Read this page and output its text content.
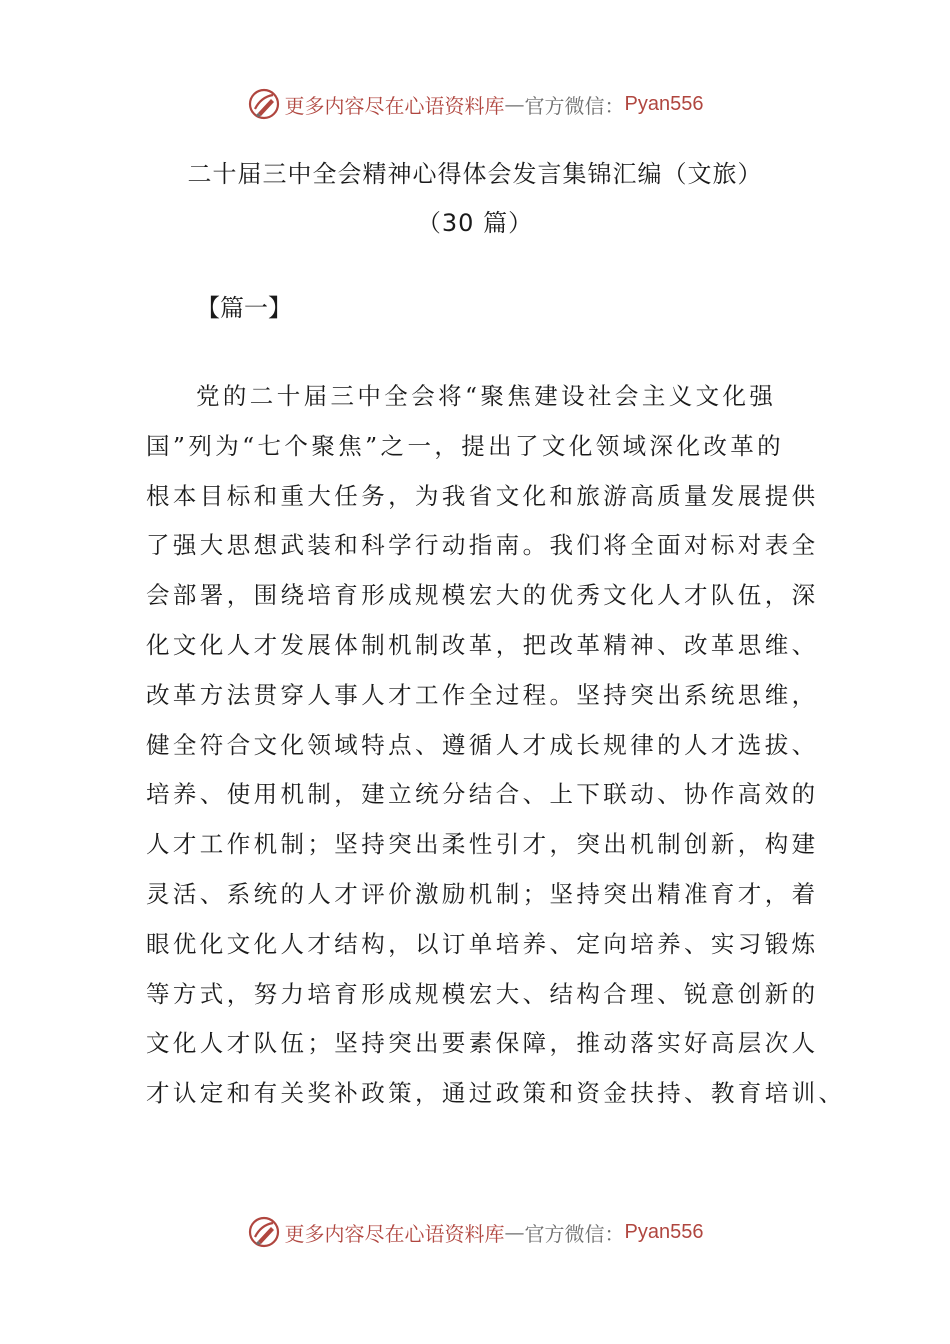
更多内容尽在心语资料库 — 官方微信： Pyan556
二十届三中全会精神心得体会发言集锦汇编（文旅）
（30 篇）
【篇一】
党的二十届三中全会将“聚焦建设社会主义文化强
国”列为“七个聚焦”之一，提出了文化领域深化改革的
根本目标和重大任务，为我省文化和旅游高质量发展提供
了强大思想武装和科学行动指南。我们将全面对标对表全
会部署，围绕培育形成规模宏大的优秀文化人才队伍，深
化文化人才发展体制机制改革，把改革精神、改革思维、
改革方法贯穿人事人才工作全过程。坚持突出系统思维，
健全符合文化领域特点、遵循人才成长规律的人才选拔、
培养、使用机制，建立统分结合、上下联动、协作高效的
人才工作机制；坚持突出柔性引才，突出机制创新，构建
灵活、系统的人才评价激励机制；坚持突出精准育才，着
眼优化文化人才结构，以订单培养、定向培养、实习锻炼
等方式，努力培育形成规模宏大、结构合理、锐意创新的
文化人才队伍；坚持突出要素保障，推动落实好高层次人
才认定和有关奖补政策，通过政策和资金扶持、教育培训、
更多内容尽在心语资料库 — 官方微信： Pyan556
